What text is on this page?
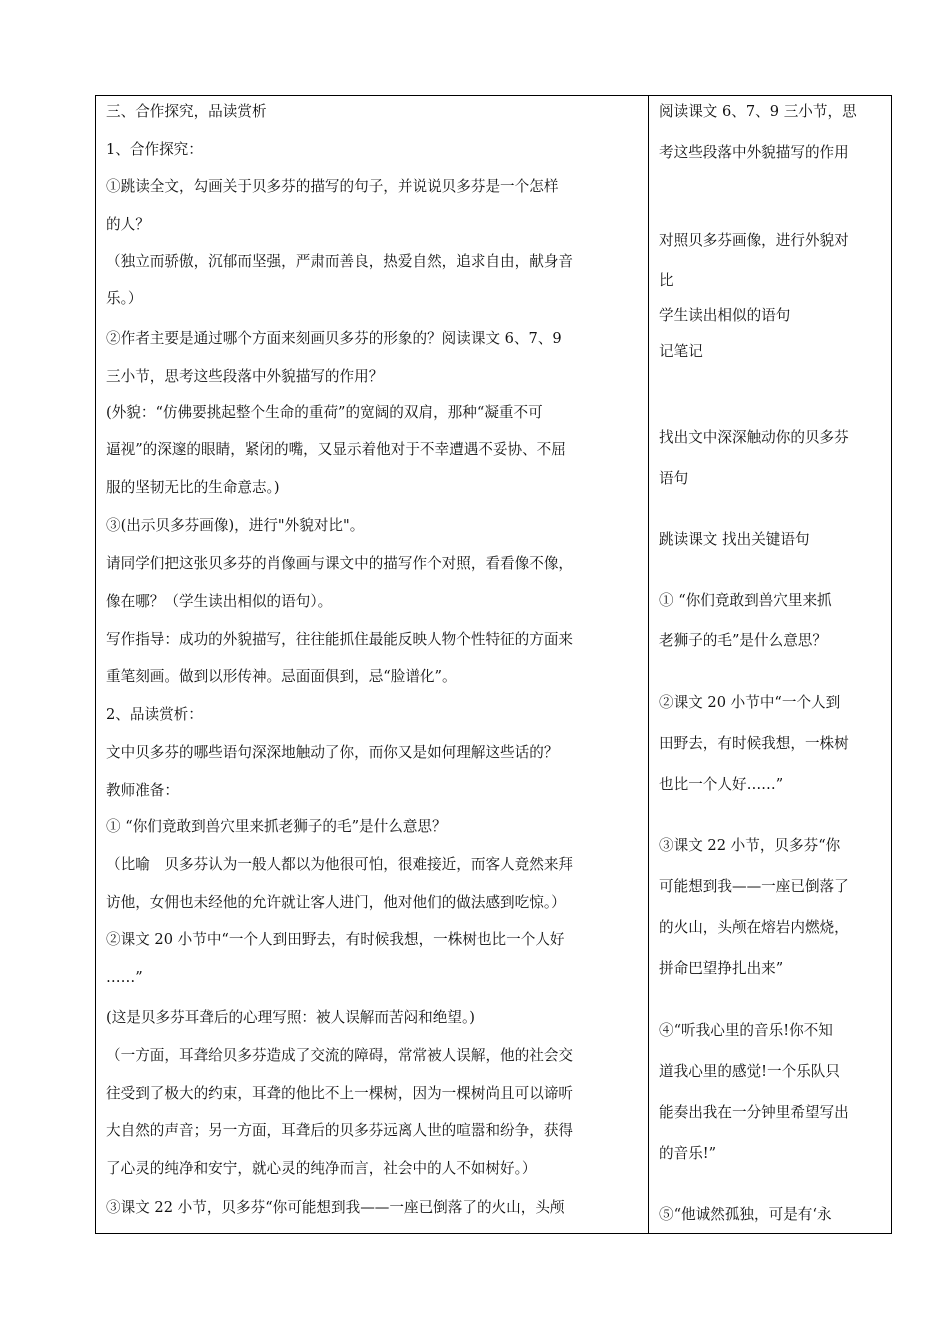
三、合作探究，品读赏析
1、合作探究：
①跳读全文，勾画关于贝多芬的描写的句子，并说说贝多芬是一个怎样
的人？
（独立而骄傲，沉郁而坚强，严肃而善良，热爱自然，追求自由，献身音
乐。）
②作者主要是通过哪个方面来刻画贝多芬的形象的？阅读课文 6、7、9
三小节，思考这些段落中外貌描写的作用？
(外貌：“仿佛要挑起整个生命的重荷”的宽阔的双肩，那种“凝重不可
逼视”的深邃的眼睛，紧闭的嘴，又显示着他对于不幸遭遇不妥协、不屈
服的坚韧无比的生命意志。)
③(出示贝多芬画像)，进行"外貌对比"。
请同学们把这张贝多芬的肖像画与课文中的描写作个对照，看看像不像，
像在哪？（学生读出相似的语句）。
写作指导：成功的外貌描写，往往能抓住最能反映人物个性特征的方面来
重笔刻画。做到以形传神。忌面面俱到，忌“脸谱化”。
2、品读赏析：
文中贝多芬的哪些语句深深地触动了你，而你又是如何理解这些话的？
教师准备：
① “你们竟敢到兽穴里来抓老狮子的毛”是什么意思？
（比喻　贝多芬认为一般人都以为他很可怕，很难接近，而客人竟然来拜
访他，女佣也未经他的允许就让客人进门，他对他们的做法感到吃惊。）
②课文 20 小节中“一个人到田野去，有时候我想，一株树也比一个人好
……”
(这是贝多芬耳聋后的心理写照：被人误解而苦闷和绝望。)
（一方面，耳聋给贝多芬造成了交流的障碍，常常被人误解，他的社会交
往受到了极大的约束，耳聋的他比不上一棵树，因为一棵树尚且可以谛听
大自然的声音；另一方面，耳聋后的贝多芬远离人世的喧嚣和纷争，获得
了心灵的纯净和安宁，就心灵的纯净而言，社会中的人不如树好。）
③课文 22 小节，贝多芬“你可能想到我——一座已倒落了的火山，头颅
阅读课文 6、7、9 三小节，思
考这些段落中外貌描写的作用
对照贝多芬画像，进行外貌对
比
学生读出相似的语句
记笔记
找出文中深深触动你的贝多芬
语句
跳读课文 找出关键语句
① “你们竟敢到兽穴里来抓
老狮子的毛”是什么意思？
②课文 20 小节中“一个人到
田野去，有时候我想，一株树
也比一个人好……”
③课文 22 小节，贝多芬“你
可能想到我——一座已倒落了
的火山，头颅在熔岩内燃烧，
拼命巴望挣扎出来”
④“听我心里的音乐!你不知
道我心里的感觉!一个乐队只
能奏出我在一分钟里希望写出
的音乐!”
⑤“他诚然孤独，可是有‘永
